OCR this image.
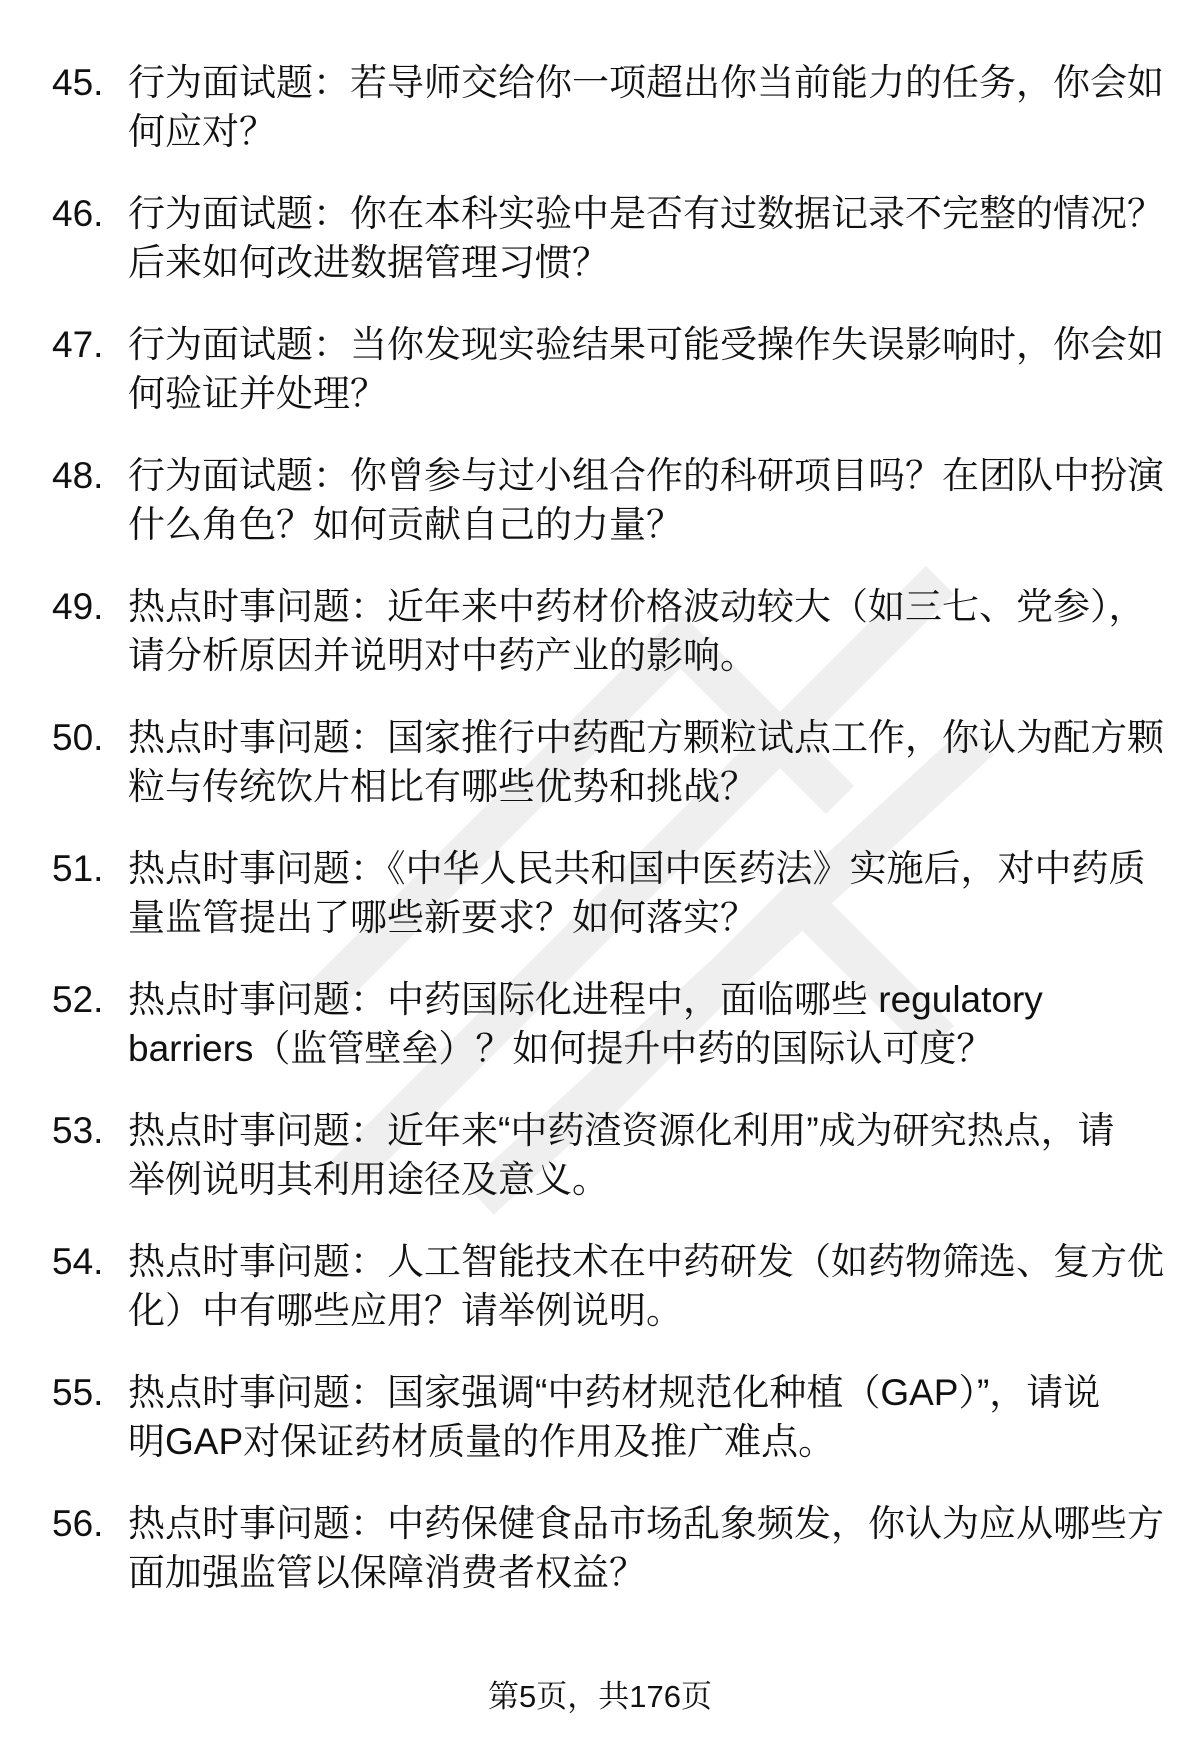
45. 行为面试题：若导师交给你一项超出你当前能力的任务，你会如
何应对？
46. 行为面试题：你在本科实验中是否有过数据记录不完整的情况？
后来如何改进数据管理习惯？
47. 行为面试题：当你发现实验结果可能受操作失误影响时，你会如
何验证并处理？
48. 行为面试题：你曾参与过小组合作的科研项目吗？在团队中扮演
什么角色？如何贡献自己的力量？
49. 热点时事问题：近年来中药材价格波动较大（如三七、党参），
请分析原因并说明对中药产业的影响。
50. 热点时事问题：国家推行中药配方颗粒试点工作，你认为配方颗
粒与传统饮片相比有哪些优势和挑战？
51. 热点时事问题：《中华人民共和国中医药法》实施后，对中药质
量监管提出了哪些新要求？如何落实？
52. 热点时事问题：中药国际化进程中，面临哪些 regulatory
barriers（监管壁垒）？如何提升中药的国际认可度？
53. 热点时事问题：近年来“中药渣资源化利用”成为研究热点，请
举例说明其利用途径及意义。
54. 热点时事问题：人工智能技术在中药研发（如药物筛选、复方优
化）中有哪些应用？请举例说明。
55. 热点时事问题：国家强调“中药材规范化种植（GAP）”，请说
明GAP对保证药材质量的作用及推广难点。
56. 热点时事问题：中药保健食品市场乱象频发，你认为应从哪些方
面加强监管以保障消费者权益？
第5页，共176页
